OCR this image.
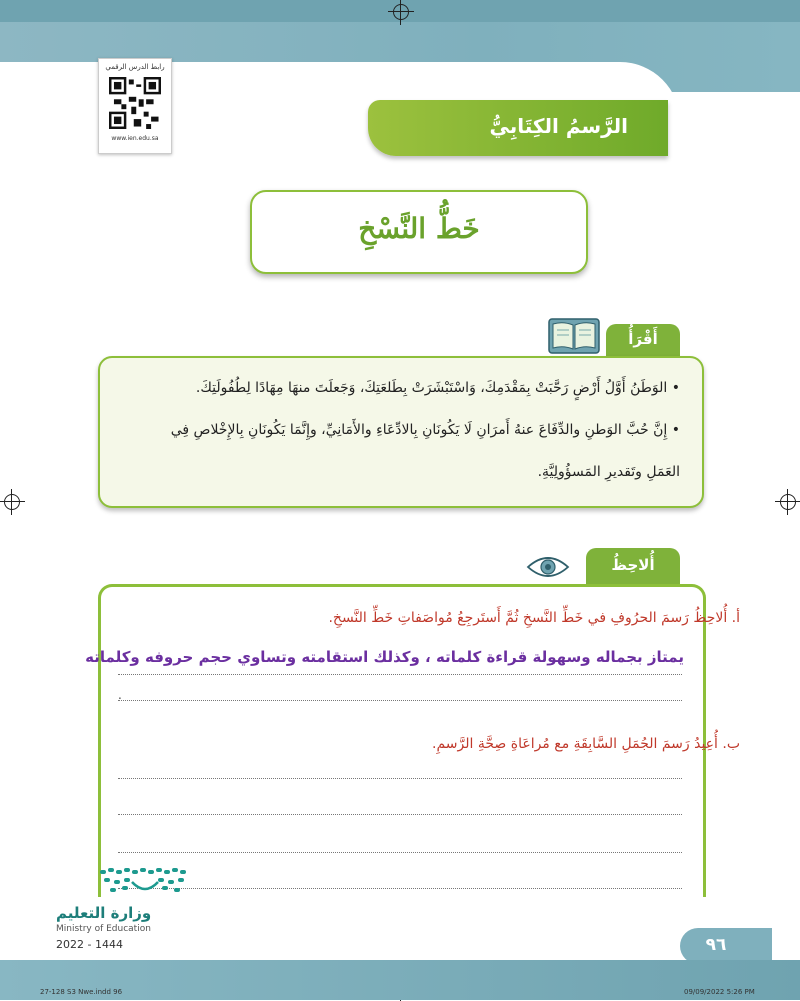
رابط الدرس الرقمي
www.ien.edu.sa
الرَّسمُ الكِتَابِيُّ
خَطُّ النَّسْخِ
أَقْرَأُ
• الوَطَنُ أَوَّلُ أَرْضٍ رَحَّبَتْ بِمَقْدَمِكَ، وَاسْتَبْشَرَتْ بِطَلعَتِكَ، وَجَعلَتَ منهَا مِهَادًا لِطُفُولَتِكَ.
• إِنَّ حُبَّ الوَطنِ والدِّفَاعَ عنهُ أَمرَانِ لَا يَكُونَانِ بِالادِّعَاءِ والأَمَانِيِّ، وإِنَّمَا يَكُونَانِ بِالإِخْلاصِ فِي
العَمَلِ وتَقديرِ المَسؤُولِيَّةِ.
أُلاحِظُ
أ. أُلاحِظُ رَسمَ الحرُوفِ في خَطِّ النَّسخِ ثُمَّ أَستَرجِعُ مُواصَفاتِ خَطِّ النَّسخِ.
يمتاز بجماله وسهولة قراءة كلماته ، وكذلك استقامته وتساوي حجم حروفه وكلماته
.
ب. أُعِيدُ رَسمَ الجُمَلِ السَّابِقَةِ مع مُراعَاةِ صِحَّةِ الرَّسمِ.
وزارة التعليم
Ministry of Education
2022 - 1444	٩٦
27-128 S3 Nwe.indd 96	09/09/2022 5:26 PM
